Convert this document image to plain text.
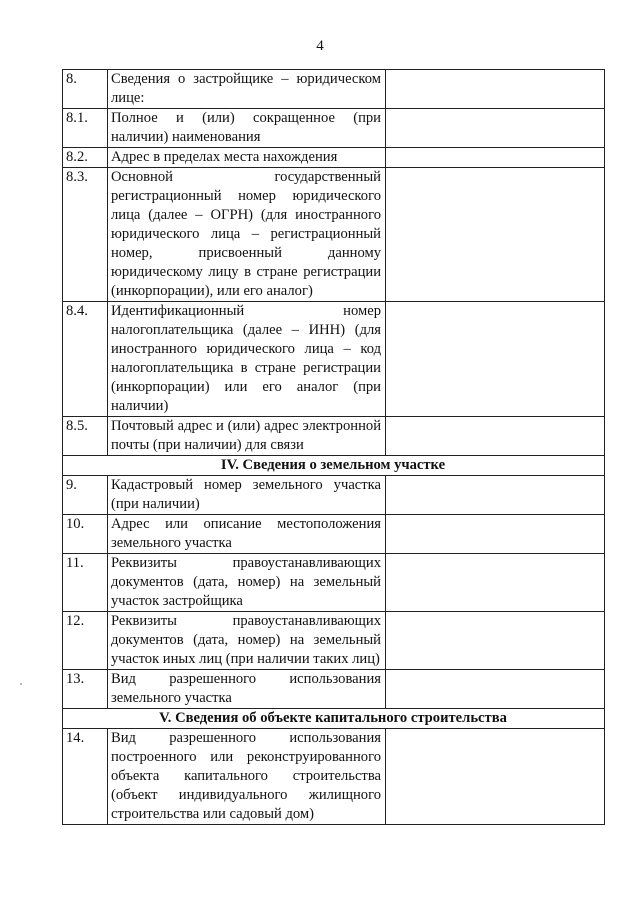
4
8.	Сведения о застройщике – юридическом лице:	
8.1.	Полное и (или) сокращенное (при наличии) наименования	
8.2.	Адрес в пределах места нахождения	
8.3.	Основной государственный регистрационный номер юридического лица (далее – ОГРН) (для иностранного юридического лица – регистрационный номер, присвоенный данному юридическому лицу в стране регистрации (инкорпорации), или его аналог)	
8.4.	Идентификационный номер налогоплательщика (далее – ИНН) (для иностранного юридического лица – код налогоплательщика в стране регистрации (инкорпорации) или его аналог (при наличии)	
8.5.	Почтовый адрес и (или) адрес электронной почты (при наличии) для связи	
IV. Сведения о земельном участке		
9.	Кадастровый номер земельного участка (при наличии)	
10.	Адрес или описание местоположения земельного участка	
11.	Реквизиты правоустанавливающих документов (дата, номер) на земельный участок застройщика	
12.	Реквизиты правоустанавливающих документов (дата, номер) на земельный участок иных лиц (при наличии таких лиц)	
13.	Вид разрешенного использования земельного участка	
V. Сведения об объекте капитального строительства		
14.	Вид разрешенного использования построенного или реконструированного объекта капитального строительства (объект индивидуального жилищного строительства или садовый дом)	
